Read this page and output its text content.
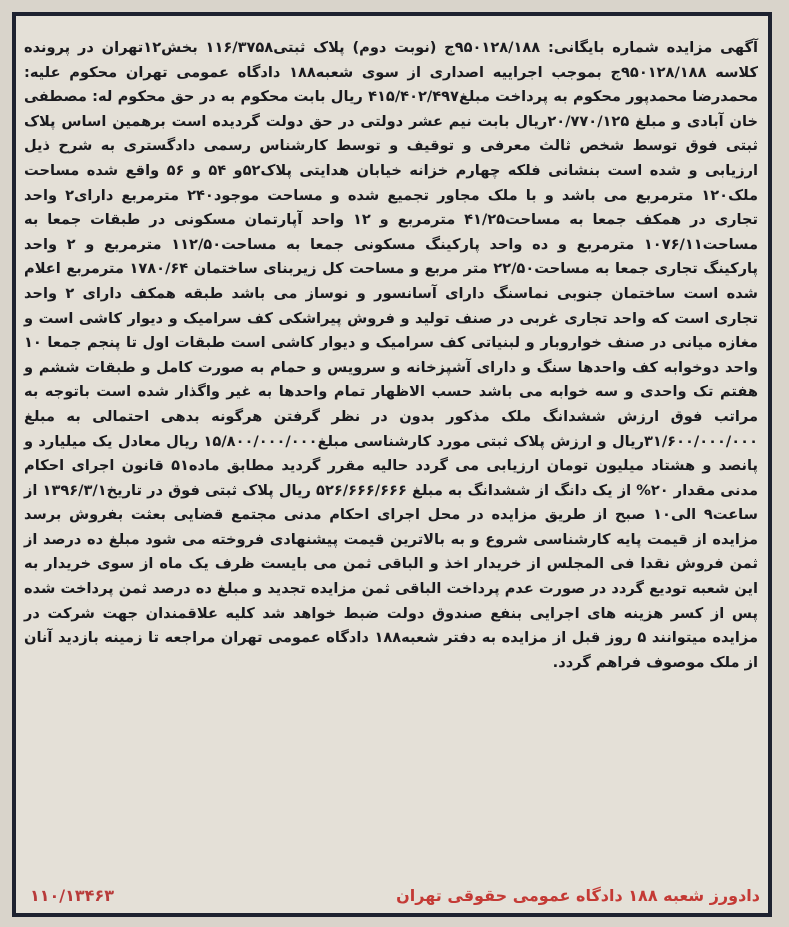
آگهی مزایده شماره بایگانی: ۹۵۰۱۲۸/۱۸۸ج (نوبت دوم) پلاک ثبتی۱۱۶/۳۷۵۸ بخش۱۲تهران در پرونده کلاسه ۹۵۰۱۲۸/۱۸۸ج بموجب اجراییه اصداری از سوی شعبه۱۸۸ دادگاه عمومی تهران محکوم علیه: محمدرضا محمدپور محکوم به پرداخت مبلغ۴۱۵/۴۰۲/۴۹۷ ریال بابت محکوم به در حق محکوم له: مصطفی خان آبادی و مبلغ ۲۰/۷۷۰/۱۲۵ریال بابت نیم عشر دولتی در حق دولت گردیده است برهمین اساس پلاک ثبتی فوق توسط شخص ثالث معرفی و توقیف و توسط کارشناس رسمی دادگستری به شرح ذیل ارزیابی و شده است بنشانی فلکه چهارم خزانه خیابان هدایتی پلاک۵۲و ۵۴ و ۵۶ واقع شده مساحت ملک۱۲۰ مترمربع می باشد و با ملک مجاور تجمیع شده و مساحت موجود۲۴۰ مترمربع دارای۲ واحد تجاری در همکف جمعا به مساحت۴۱/۲۵ مترمربع و ۱۲ واحد آپارتمان مسکونی در طبقات جمعا به مساحت۱۰۷۶/۱۱ مترمربع و ده واحد پارکینگ مسکونی جمعا به مساحت۱۱۲/۵۰ مترمربع و ۲ واحد پارکینگ تجاری جمعا به مساحت۲۲/۵۰ متر مربع و مساحت کل زیربنای ساختمان ۱۷۸۰/۶۴ مترمربع اعلام شده است ساختمان جنوبی نماسنگ دارای آسانسور و نوساز می باشد طبقه همکف دارای ۲ واحد تجاری است که واحد تجاری غربی در صنف تولید و فروش پیراشکی کف سرامیک و دیوار کاشی است و مغازه میانی در صنف خواروبار و لبنیاتی کف سرامیک و دیوار کاشی است طبقات اول تا پنجم جمعا ۱۰ واحد دوخوابه کف واحدها سنگ و دارای آشپزخانه و سرویس و حمام به صورت کامل و طبقات ششم و هفتم تک واحدی و سه خوابه می باشد حسب الاظهار تمام واحدها به غیر واگذار شده است باتوجه به مراتب فوق ارزش ششدانگ ملک مذکور بدون در نظر گرفتن هرگونه بدهی احتمالی به مبلغ ۳۱/۶۰۰/۰۰۰/۰۰۰ریال و ارزش پلاک ثبتی مورد کارشناسی مبلغ۱۵/۸۰۰/۰۰۰/۰۰۰ ریال معادل یک میلیارد و پانصد و هشتاد میلیون تومان ارزیابی می گردد حالیه مقرر گردید مطابق ماده۵۱ قانون اجرای احکام مدنی مقدار ۲۰% از یک دانگ از ششدانگ به مبلغ ۵۲۶/۶۶۶/۶۶۶ ریال پلاک ثبتی فوق در تاریخ۱۳۹۶/۳/۱ از ساعت۹ الی۱۰ صبح از طریق مزایده در محل اجرای احکام مدنی مجتمع قضایی بعثت بفروش برسد مزایده از قیمت پایه کارشناسی شروع و به بالاترین قیمت پیشنهادی فروخته می شود مبلغ ده درصد از ثمن فروش نقدا فی المجلس از خریدار اخذ و الباقی ثمن می بایست ظرف یک ماه از سوی خریدار به این شعبه تودیع گردد در صورت عدم پرداخت الباقی ثمن مزایده تجدید و مبلغ ده درصد ثمن پرداخت شده پس از کسر هزینه های اجرایی بنفع صندوق دولت ضبط خواهد شد کلیه علاقمندان جهت شرکت در مزایده میتوانند ۵ روز قبل از مزایده به دفتر شعبه۱۸۸ دادگاه عمومی تهران مراجعه تا زمینه بازدید آنان از ملک موصوف فراهم گردد.

دادورز شعبه ۱۸۸ دادگاه عمومی حقوقی تهران
۱۱۰/۱۳۴۶۳
